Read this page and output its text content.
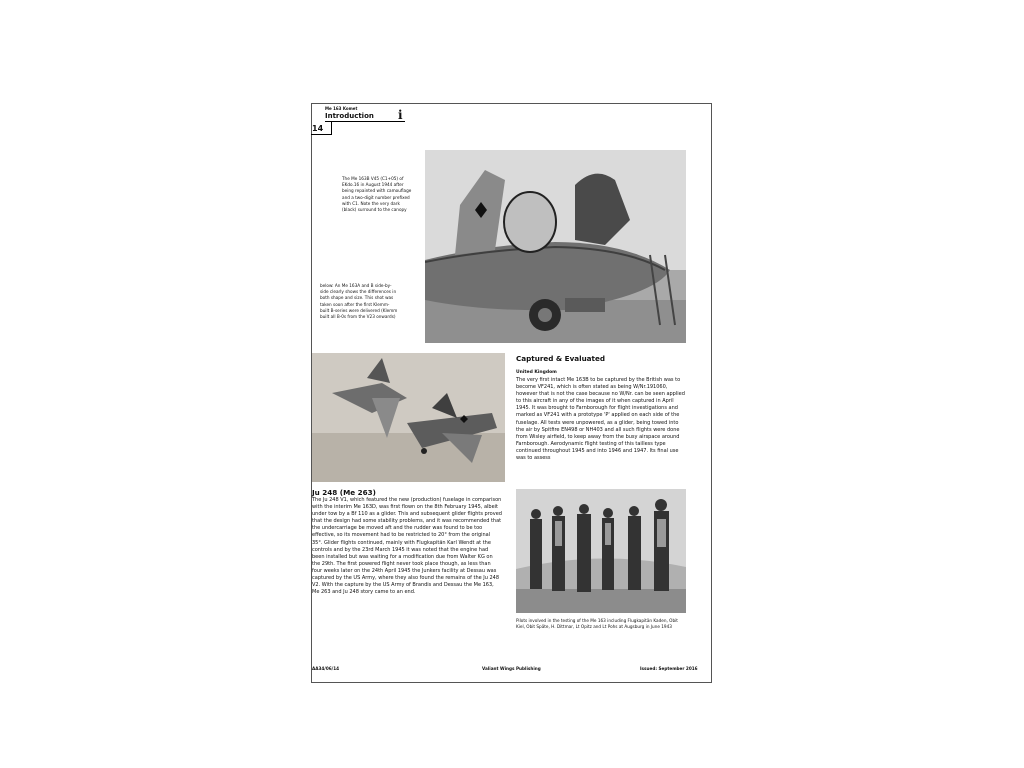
Me 163 Komet
Introduction i
14
The Me 163B V45 (C1+05) of EKdo.16 in August 1944 after being repainted with camouflage and a two-digit number prefixed with C1. Note the very dark (black) surround to the canopy
below: An Me 163A and B side-by-side clearly shows the differences in both shape and size. This shot was taken soon after the first Klemm-built B-series were delivered (Klemm built all B-0s from the V23 onwards)
Captured & Evaluated
United Kingdom
The very first intact Me 163B to be captured by the British was to become VF241, which is often stated as being W/Nr.191060, however that is not the case because no W/Nr. can be seen applied to this aircraft in any of the images of it when captured in April 1945. It was brought to Farnborough for flight investigations and marked as VF241 with a prototype 'P' applied on each side of the fuselage. All tests were unpowered, as a glider, being towed into the air by Spitfire EN498 or NH403 and all such flights were done from Wisley airfield, to keep away from the busy airspace around Farnborough. Aerodynamic flight testing of this tailless type continued throughout 1945 and into 1946 and 1947. Its final use was to assess
Ju 248 (Me 263)
The Ju 248 V1, which featured the new (production) fuselage in comparison with the interim Me 163D, was first flown on the 8th February 1945, albeit under tow by a Bf 110 as a glider. This and subsequent glider flights proved that the design had some stability problems, and it was recommended that the undercarriage be moved aft and the rudder was found to be too effective, so its movement had to be restricted to 20° from the original 35°. Glider flights continued, mainly with Flugkapitän Karl Wendt at the controls and by the 23rd March 1945 it was noted that the engine had been installed but was waiting for a modification due from Walter KG on the 29th. The first powered flight never took place though, as less than four weeks later on the 24th April 1945 the Junkers facility at Dessau was captured by the US Army, where they also found the remains of the Ju 248 V2. With the capture by the US Army of Brandis and Dessau the Me 163, Me 263 and Ju 248 story came to an end.
Pilots involved in the testing of the Me 163 including Flugkapitän Kaden, Obit Kiel, Obit Späte, H. Dittmar, Lt Opitz and Lt Pohs at Augsburg in June 1943
AA34/06/14	Valiant Wings Publishing	Issued: September 2016
